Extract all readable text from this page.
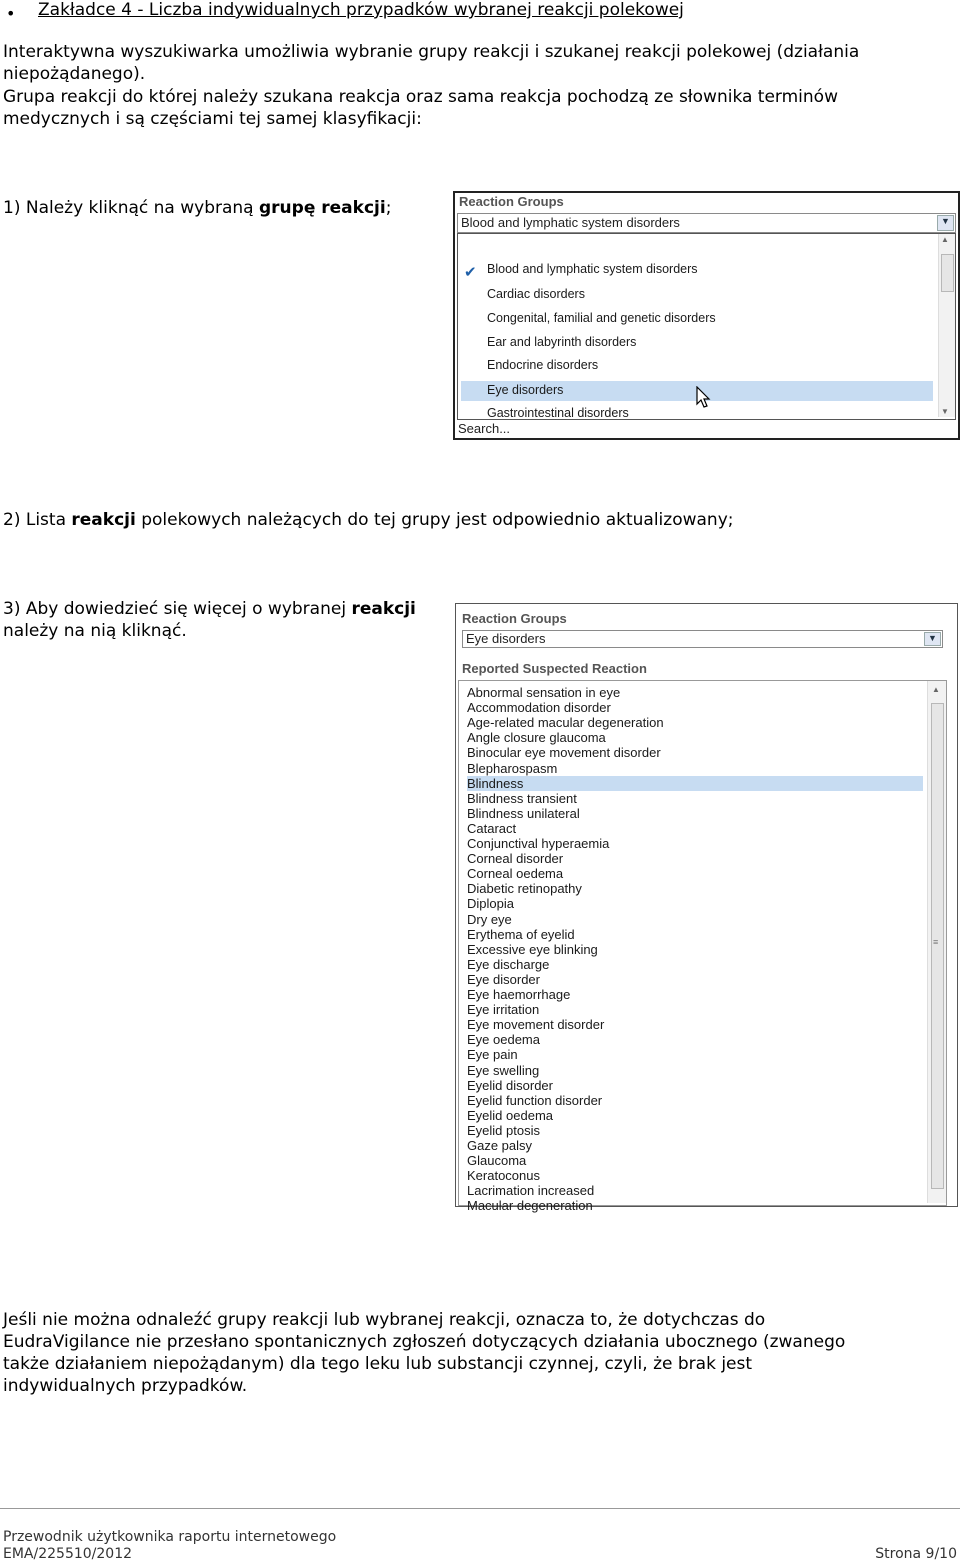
• Zakładce 4 - Liczba indywidualnych przypadków wybranej reakcji polekowej
Interaktywna wyszukiwarka umożliwia wybranie grupy reakcji i szukanej reakcji polekowej (działania
niepożądanego).
Grupa reakcji do której należy szukana reakcja oraz sama reakcja pochodzą ze słownika terminów
medycznych i są częściami tej samej klasyfikacji:
1) Należy kliknąć na wybraną grupę reakcji;	Reaction Groups
Blood and lymphatic system disorders	▼
✔ Blood and lymphatic system disorders
Cardiac disorders
Congenital, familial and genetic disorders
Ear and labyrinth disorders
Endocrine disorders
Eye disorders
Gastrointestinal disorders
▲
▼
Search...
2) Lista reakcji polekowych należących do tej grupy jest odpowiednio aktualizowany;
3) Aby dowiedzieć się więcej o wybranej reakcji
należy na nią kliknąć.
Reaction Groups
Eye disorders	▼
Reported Suspected Reaction
Abnormal sensation in eye
Accommodation disorder
Age-related macular degeneration
Angle closure glaucoma
Binocular eye movement disorder
Blepharospasm
Blindness
Blindness transient
Blindness unilateral
Cataract
Conjunctival hyperaemia
Corneal disorder
Corneal oedema
Diabetic retinopathy
Diplopia
Dry eye
Erythema of eyelid
Excessive eye blinking
Eye discharge
Eye disorder
Eye haemorrhage
Eye irritation
Eye movement disorder
Eye oedema
Eye pain
Eye swelling
Eyelid disorder
Eyelid function disorder
Eyelid oedema
Eyelid ptosis
Gaze palsy
Glaucoma
Keratoconus
Lacrimation increased
Macular degeneration
▲
≡
Jeśli nie można odnaleźć grupy reakcji lub wybranej reakcji, oznacza to, że dotychczas do
EudraVigilance nie przesłano spontanicznych zgłoszeń dotyczących działania ubocznego (zwanego
także działaniem niepożądanym) dla tego leku lub substancji czynnej, czyli, że brak jest
indywidualnych przypadków.
Przewodnik użytkownika raportu internetowego
EMA/225510/2012	Strona 9/10
